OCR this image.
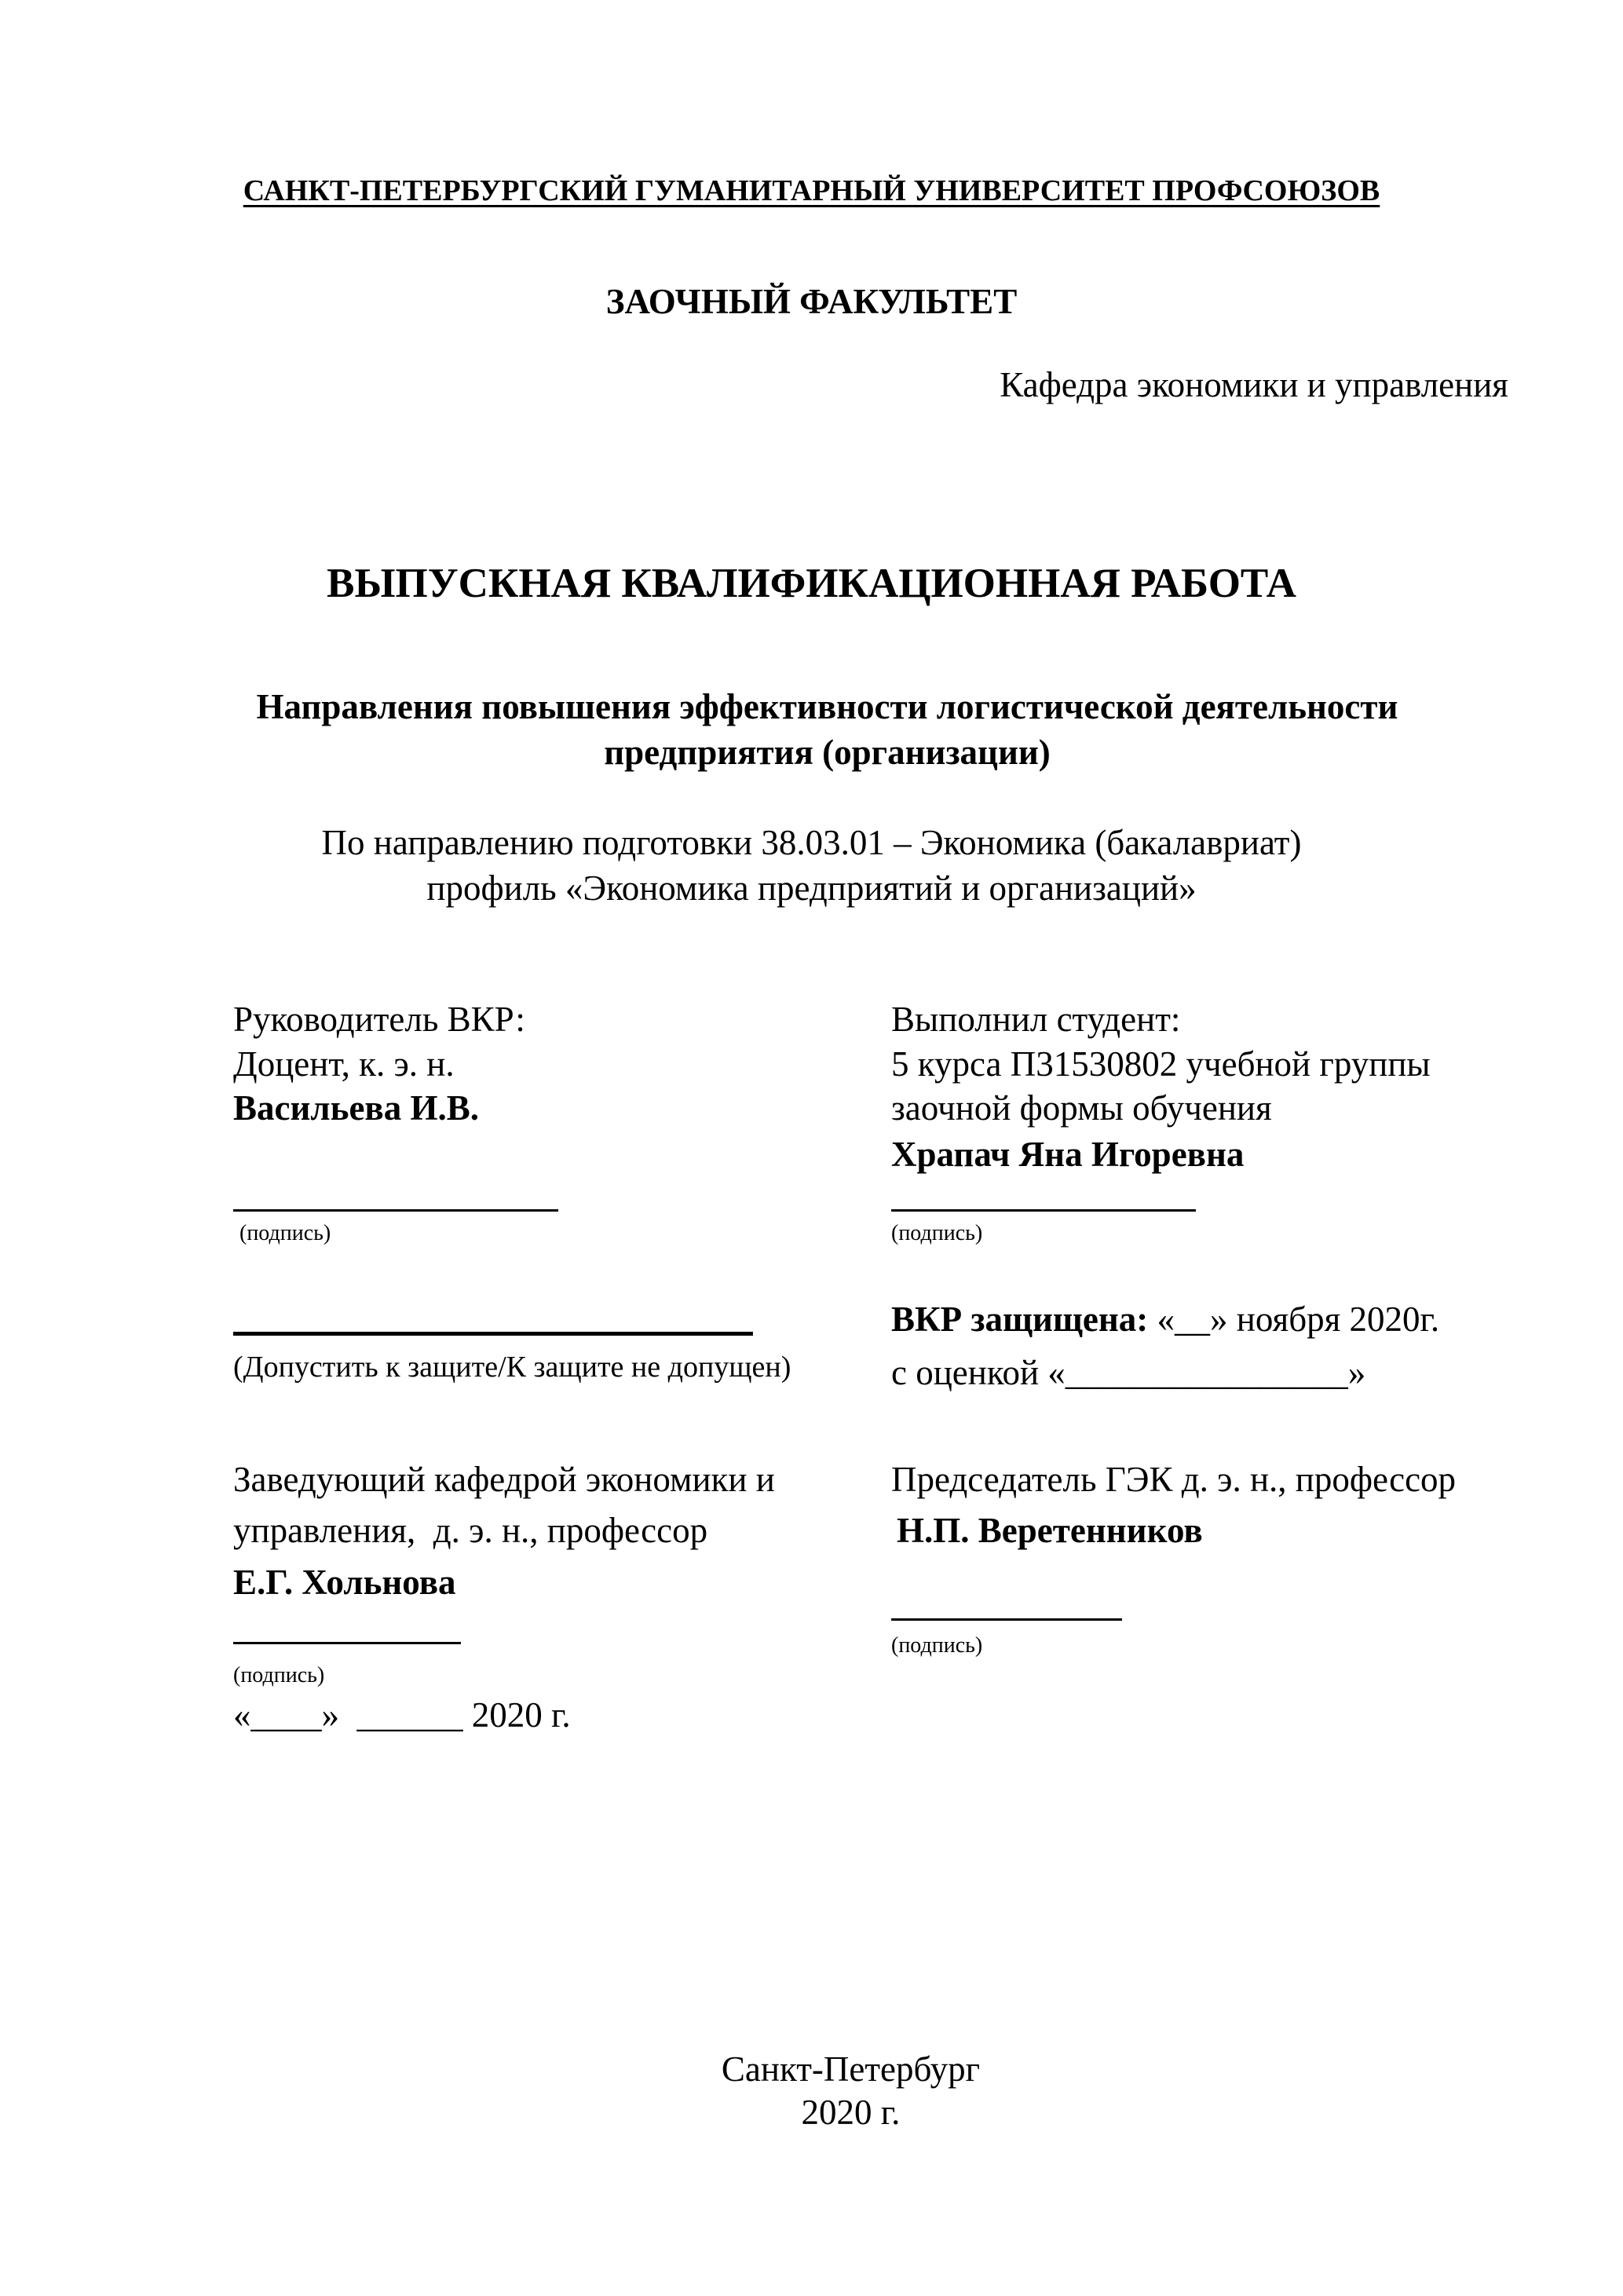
САНКТ-ПЕТЕРБУРГСКИЙ ГУМАНИТАРНЫЙ УНИВЕРСИТЕТ ПРОФСОЮЗОВ
ЗАОЧНЫЙ ФАКУЛЬТЕТ
Кафедра экономики и управления
ВЫПУСКНАЯ КВАЛИФИКАЦИОННАЯ РАБОТА
Направления повышения эффективности логистической деятельности
предприятия (организации)
По направлению подготовки 38.03.01 – Экономика (бакалавриат)
профиль «Экономика предприятий и организаций»
Руководитель ВКР:
Доцент, к. э. н.
Васильева И.В.
(подпись)
(Допустить к защите/К защите не допущен)
Выполнил студент:
5 курса П31530802 учебной группы
заочной формы обучения
Храпач Яна Игоревна
(подпись)
ВКР защищена: «__» ноября 2020г.
с оценкой «________________»
Заведующий кафедрой экономики и
управления,  д. э. н., профессор
Е.Г. Хольнова
(подпись)
«____»  ______ 2020 г.
Председатель ГЭК д. э. н., профессор
Н.П. Веретенников
(подпись)
Санкт-Петербург
2020 г.
